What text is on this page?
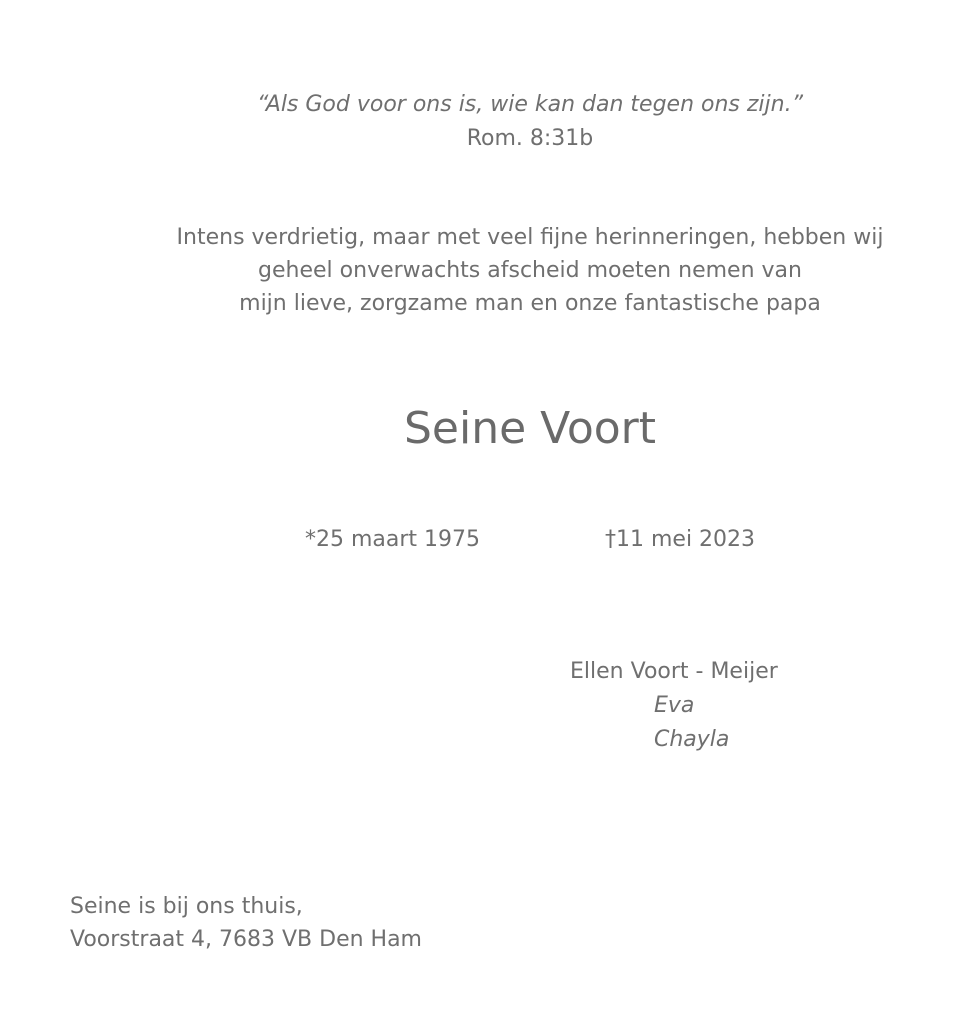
“Als God voor ons is, wie kan dan tegen ons zijn.”
Rom. 8:31b
Intens verdrietig, maar met veel fijne herinneringen, hebben wij
geheel onverwachts afscheid moeten nemen van
mijn lieve, zorgzame man en onze fantastische papa
Seine Voort
*25 maart 1975	†11 mei 2023
Ellen Voort - Meijer
Eva
Chayla
Seine is bij ons thuis,
Voorstraat 4, 7683 VB Den Ham
